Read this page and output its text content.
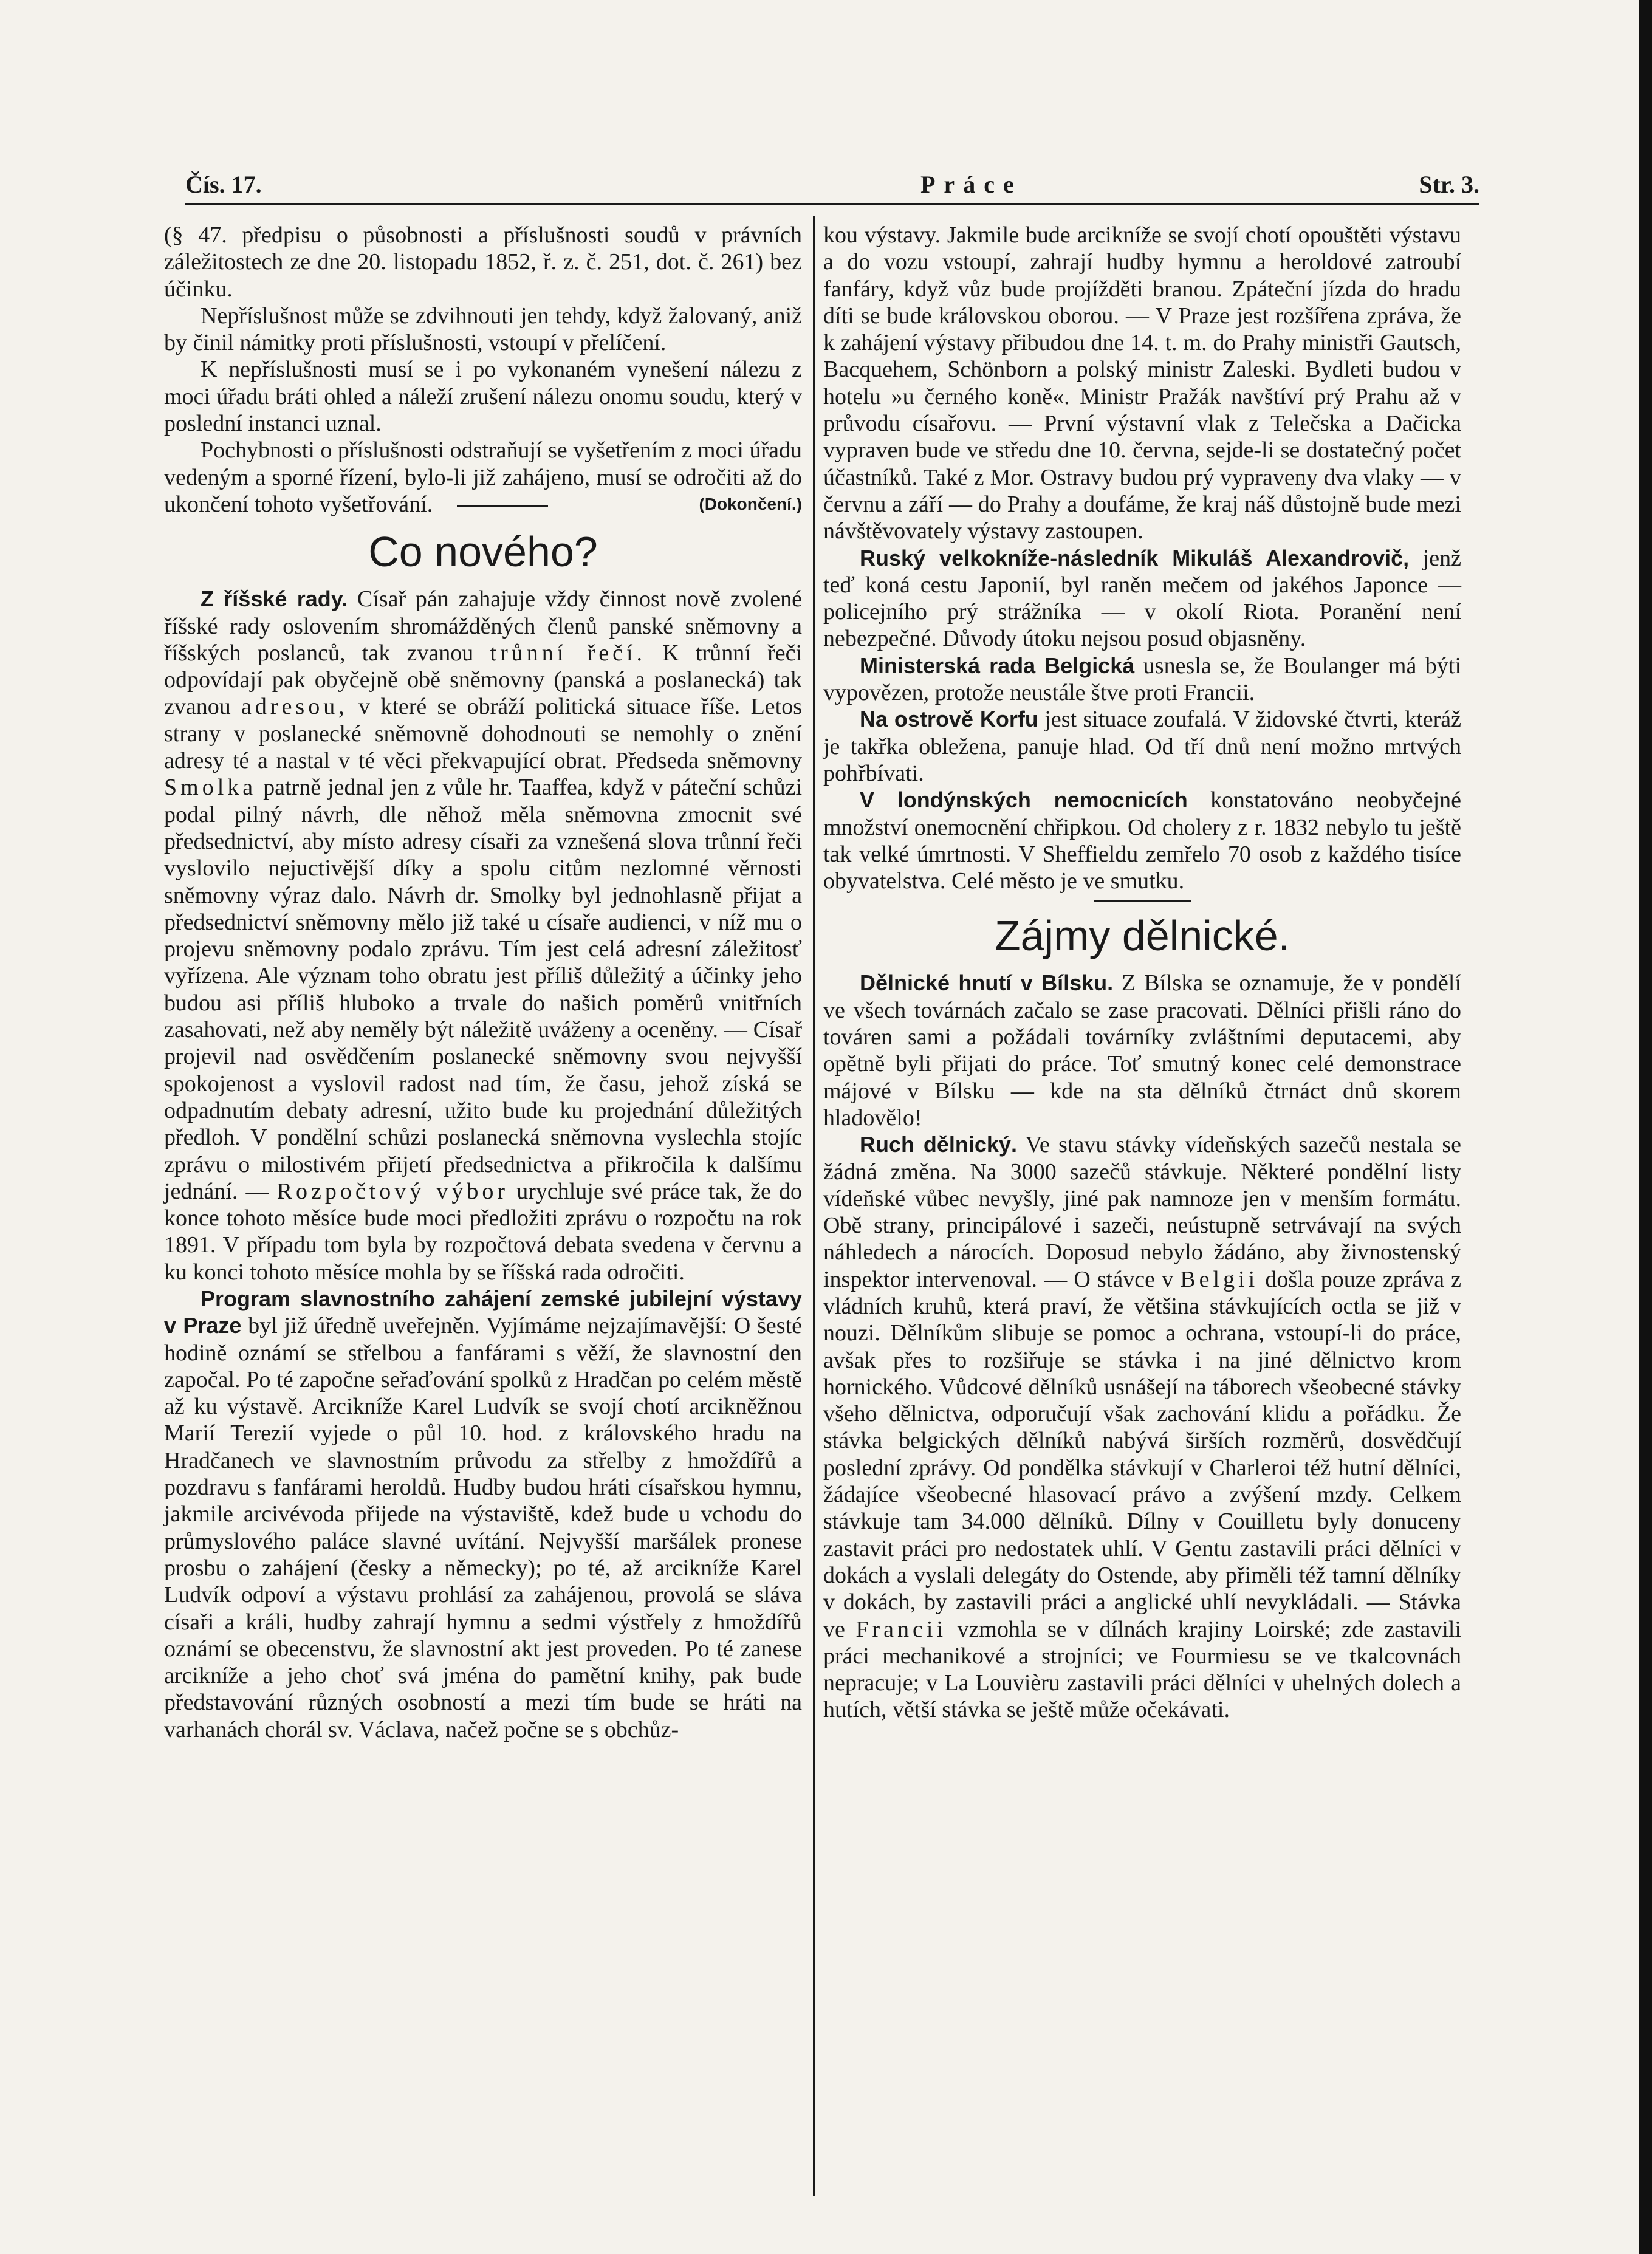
Čís. 17.	Práce	Str. 3.

(§ 47. předpisu o působnosti a příslušnosti soudů v právních záležitostech ze dne 20. listopadu 1852, ř. z. č. 251, dot. č. 261) bez účinku.

Nepříslušnost může se zdvihnouti jen tehdy, když žalovaný, aniž by činil námitky proti příslušnosti, vstoupí v přelíčení.

K nepříslušnosti musí se i po vykonaném vynešení nálezu z moci úřadu bráti ohled a náleží zrušení nálezu onomu soudu, který v poslední instanci uznal.

Pochybnosti o příslušnosti odstraňují se vyšetřením z moci úřadu vedeným a sporné řízení, bylo-li již zahájeno, musí se odročiti až do ukončení tohoto vyšetřování.	(Dokončení.)

Co nového?

Z říšské rady. Císař pán zahajuje vždy činnost nově zvolené říšské rady oslovením shromážděných členů panské sněmovny a říšských poslanců, tak zvanou trůnní řečí. K trůnní řeči odpovídají pak obyčejně obě sněmovny (panská a poslanecká) tak zvanou adresou, v které se obráží politická situace říše. Letos strany v poslanecké sněmovně dohodnouti se nemohly o znění adresy té a nastal v té věci překvapující obrat. Předseda sněmovny Smolka patrně jednal jen z vůle hr. Taaffea, když v páteční schůzi podal pilný návrh, dle něhož měla sněmovna zmocnit své předsednictví, aby místo adresy císaři za vznešená slova trůnní řeči vyslovilo nejuctivější díky a spolu citům nezlomné věrnosti sněmovny výraz dalo. Návrh dr. Smolky byl jednohlasně přijat a předsednictví sněmovny mělo již také u císaře audienci, v níž mu o projevu sněmovny podalo zprávu. Tím jest celá adresní záležitosť vyřízena. Ale význam toho obratu jest příliš důležitý a účinky jeho budou asi příliš hluboko a trvale do našich poměrů vnitřních zasahovati, než aby neměly být náležitě uváženy a oceněny. — Císař projevil nad osvědčením poslanecké sněmovny svou nejvyšší spokojenost a vyslovil radost nad tím, že času, jehož získá se odpadnutím debaty adresní, užito bude ku projednání důležitých předloh. V pondělní schůzi poslanecká sněmovna vyslechla stojíc zprávu o milostivém přijetí předsednictva a přikročila k dalšímu jednání. — Rozpočtový výbor urychluje své práce tak, že do konce tohoto měsíce bude moci předložiti zprávu o rozpočtu na rok 1891. V případu tom byla by rozpočtová debata svedena v červnu a ku konci tohoto měsíce mohla by se říšská rada odročiti.

Program slavnostního zahájení zemské jubilejní výstavy v Praze byl již úředně uveřejněn. Vyjímáme nejzajímavější: O šesté hodině oznámí se střelbou a fanfárami s věží, že slavnostní den započal. Po té započne seřaďování spolků z Hradčan po celém městě až ku výstavě. Arcikníže Karel Ludvík se svojí chotí arcikněžnou Marií Terezií vyjede o půl 10. hod. z královského hradu na Hradčanech ve slavnostním průvodu za střelby z hmoždířů a pozdravu s fanfárami heroldů. Hudby budou hráti císařskou hymnu, jakmile arcivévoda přijede na výstaviště, kdež bude u vchodu do průmyslového paláce slavné uvítání. Nejvyšší maršálek pronese prosbu o zahájení (česky a německy); po té, až arcikníže Karel Ludvík odpoví a výstavu prohlásí za zahájenou, provolá se sláva císaři a králi, hudby zahrají hymnu a sedmi výstřely z hmoždířů oznámí se obecenstvu, že slavnostní akt jest proveden. Po té zanese arcikníže a jeho choť svá jména do pamětní knihy, pak bude představování různých osobností a mezi tím bude se hráti na varhanách chorál sv. Václava, načež počne se s obchůz-

kou výstavy. Jakmile bude arcikníže se svojí chotí opouštěti výstavu a do vozu vstoupí, zahrají hudby hymnu a heroldové zatroubí fanfáry, když vůz bude projížděti branou. Zpáteční jízda do hradu díti se bude královskou oborou. — V Praze jest rozšířena zpráva, že k zahájení výstavy přibudou dne 14. t. m. do Prahy ministři Gautsch, Bacquehem, Schönborn a polský ministr Zaleski. Bydleti budou v hotelu »u černého koně«. Ministr Pražák navštíví prý Prahu až v průvodu císařovu. — První výstavní vlak z Telečska a Dačicka vypraven bude ve středu dne 10. června, sejde-li se dostatečný počet účastníků. Také z Mor. Ostravy budou prý vypraveny dva vlaky — v červnu a září — do Prahy a doufáme, že kraj náš důstojně bude mezi návštěvovately výstavy zastoupen.

Ruský velkokníže-následník Mikuláš Alexandrovič, jenž teď koná cestu Japonií, byl raněn mečem od jakéhos Japonce — policejního prý strážníka — v okolí Riota. Poranění není nebezpečné. Důvody útoku nejsou posud objasněny.

Ministerská rada Belgická usnesla se, že Boulanger má býti vypovězen, protože neustále štve proti Francii.

Na ostrově Korfu jest situace zoufalá. V židovské čtvrti, kteráž je takřka obležena, panuje hlad. Od tří dnů není možno mrtvých pohřbívati.

V londýnských nemocnicích konstatováno neobyčejné množství onemocnění chřipkou. Od cholery z r. 1832 nebylo tu ještě tak velké úmrtnosti. V Sheffieldu zemřelo 70 osob z každého tisíce obyvatelstva. Celé město je ve smutku.

Zájmy dělnické.

Dělnické hnutí v Bílsku. Z Bílska se oznamuje, že v pondělí ve všech továrnách začalo se zase pracovati. Dělníci přišli ráno do továren sami a požádali továrníky zvláštními deputacemi, aby opětně byli přijati do práce. Toť smutný konec celé demonstrace májové v Bílsku — kde na sta dělníků čtrnáct dnů skorem hladovělo!

Ruch dělnický. Ve stavu stávky vídeňských sazečů nestala se žádná změna. Na 3000 sazečů stávkuje. Některé pondělní listy vídeňské vůbec nevyšly, jiné pak namnoze jen v menším formátu. Obě strany, principálové i sazeči, neústupně setrvávají na svých náhledech a nárocích. Doposud nebylo žádáno, aby živnostenský inspektor intervenoval. — O stávce v Belgii došla pouze zpráva z vládních kruhů, která praví, že většina stávkujících octla se již v nouzi. Dělníkům slibuje se pomoc a ochrana, vstoupí-li do práce, avšak přes to rozšiřuje se stávka i na jiné dělnictvo krom hornického. Vůdcové dělníků usnášejí na táborech všeobecné stávky všeho dělnictva, odporučují však zachování klidu a pořádku. Že stávka belgických dělníků nabývá širších rozměrů, dosvědčují poslední zprávy. Od pondělka stávkují v Charleroi též hutní dělníci, žádajíce všeobecné hlasovací právo a zvýšení mzdy. Celkem stávkuje tam 34.000 dělníků. Dílny v Couilletu byly donuceny zastavit práci pro nedostatek uhlí. V Gentu zastavili práci dělníci v dokách a vyslali delegáty do Ostende, aby přiměli též tamní dělníky v dokách, by zastavili práci a anglické uhlí nevykládali. — Stávka ve Francii vzmohla se v dílnách krajiny Loirské; zde zastavili práci mechanikové a strojníci; ve Fourmiesu se ve tkalcovnách nepracuje; v La Louvièru zastavili práci dělníci v uhelných dolech a hutích, větší stávka se ještě může očekávati.
